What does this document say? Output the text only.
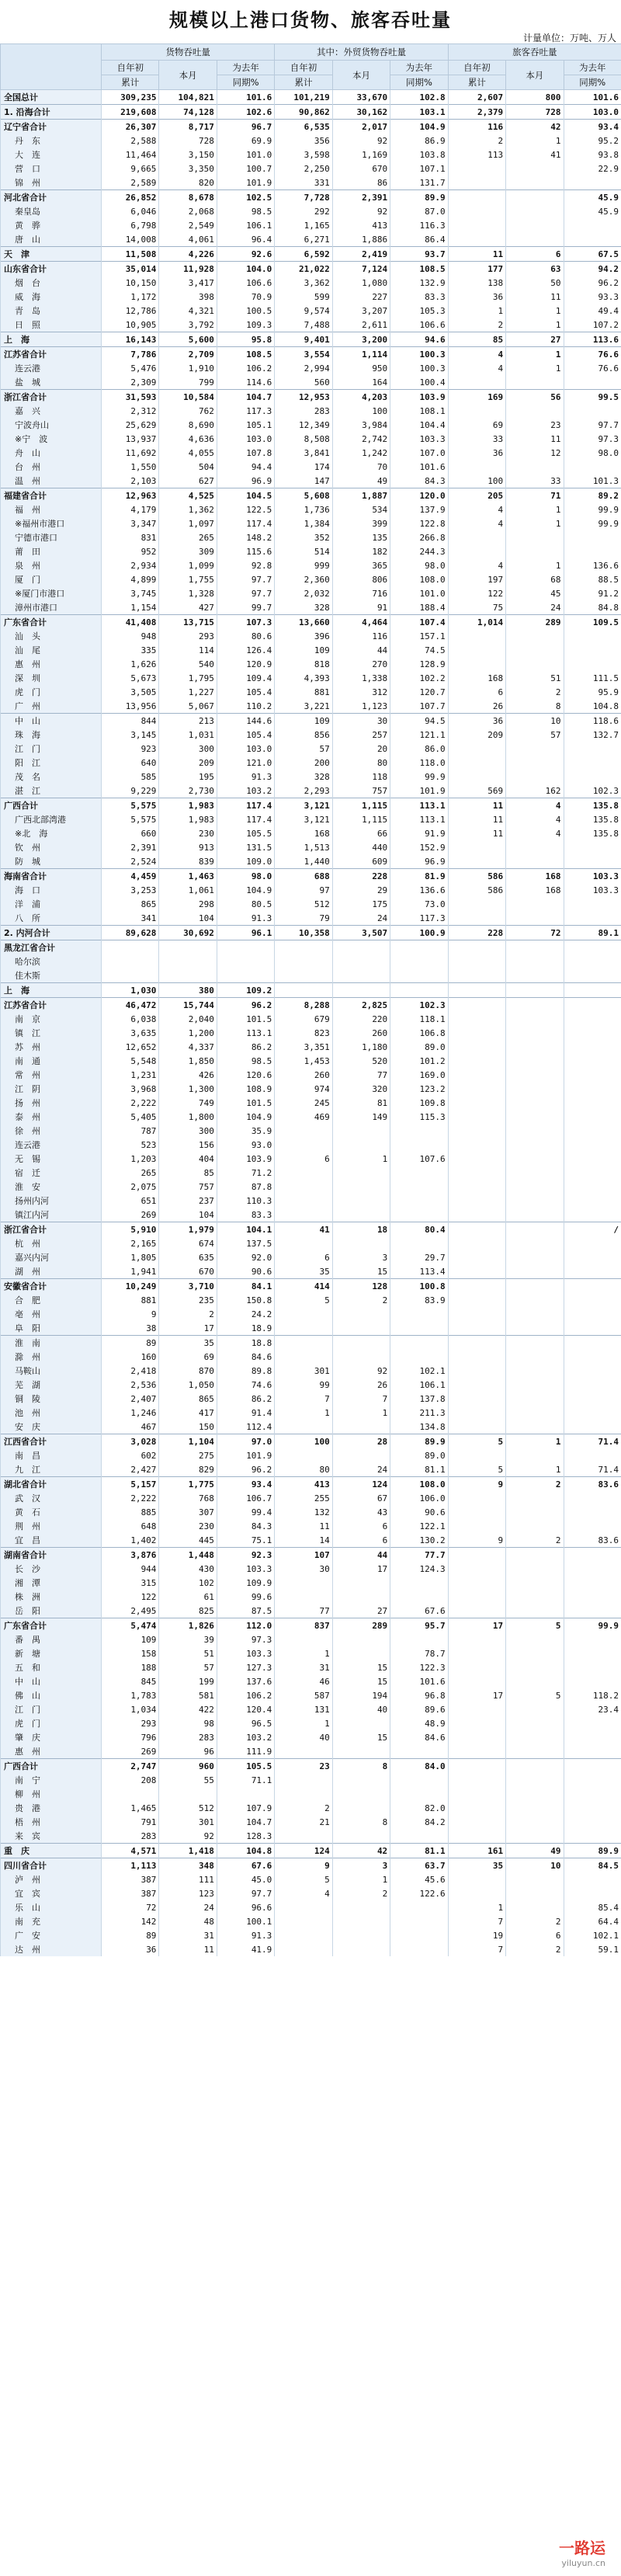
规模以上港口货物、旅客吞吐量
计量单位：万吨、万人
	货物吞吐量			其中：外贸货物吞吐量			旅客吞吐量		
	自年初	本月	为去年	自年初	本月	为去年	自年初	本月	为去年
	累计		同期%	累计		同期%	累计		同期%
全国总计	309,235	104,821	101.6	101,219	33,670	102.8	2,607	800	101.6
1. 沿海合计	219,608	74,128	102.6	90,862	30,162	103.1	2,379	728	103.0
辽宁省合计	26,307	8,717	96.7	6,535	2,017	104.9	116	42	93.4
丹　东	2,588	728	69.9	356	92	86.9	2	1	95.2
大　连	11,464	3,150	101.0	3,598	1,169	103.8	113	41	93.8
营　口	9,665	3,350	100.7	2,250	670	107.1			22.9
锦　州	2,589	820	101.9	331	86	131.7			
河北省合计	26,852	8,678	102.5	7,728	2,391	89.9			45.9
秦皇岛	6,046	2,068	98.5	292	92	87.0			45.9
黄　骅	6,798	2,549	106.1	1,165	413	116.3			
唐　山	14,008	4,061	96.4	6,271	1,886	86.4			
天　津	11,508	4,226	92.6	6,592	2,419	93.7	11	6	67.5
山东省合计	35,014	11,928	104.0	21,022	7,124	108.5	177	63	94.2
烟　台	10,150	3,417	106.6	3,362	1,080	132.9	138	50	96.2
威　海	1,172	398	70.9	599	227	83.3	36	11	93.3
青　岛	12,786	4,321	100.5	9,574	3,207	105.3	1	1	49.4
日　照	10,905	3,792	109.3	7,488	2,611	106.6	2	1	107.2
上　海	16,143	5,600	95.8	9,401	3,200	94.6	85	27	113.6
江苏省合计	7,786	2,709	108.5	3,554	1,114	100.3	4	1	76.6
连云港	5,476	1,910	106.2	2,994	950	100.3	4	1	76.6
盐　城	2,309	799	114.6	560	164	100.4			
浙江省合计	31,593	10,584	104.7	12,953	4,203	103.9	169	56	99.5
嘉　兴	2,312	762	117.3	283	100	108.1			
宁波舟山	25,629	8,690	105.1	12,349	3,984	104.4	69	23	97.7
※宁　波	13,937	4,636	103.0	8,508	2,742	103.3	33	11	97.3
舟　山	11,692	4,055	107.8	3,841	1,242	107.0	36	12	98.0
台　州	1,550	504	94.4	174	70	101.6			
温　州	2,103	627	96.9	147	49	84.3	100	33	101.3
福建省合计	12,963	4,525	104.5	5,608	1,887	120.0	205	71	89.2
福　州	4,179	1,362	122.5	1,736	534	137.9	4	1	99.9
※福州市港口	3,347	1,097	117.4	1,384	399	122.8	4	1	99.9
宁德市港口	831	265	148.2	352	135	266.8			
莆　田	952	309	115.6	514	182	244.3			
泉　州	2,934	1,099	92.8	999	365	98.0	4	1	136.6
厦　门	4,899	1,755	97.7	2,360	806	108.0	197	68	88.5
※厦门市港口	3,745	1,328	97.7	2,032	716	101.0	122	45	91.2
漳州市港口	1,154	427	99.7	328	91	188.4	75	24	84.8
广东省合计	41,408	13,715	107.3	13,660	4,464	107.4	1,014	289	109.5
汕　头	948	293	80.6	396	116	157.1			
汕　尾	335	114	126.4	109	44	74.5			
惠　州	1,626	540	120.9	818	270	128.9			
深　圳	5,673	1,795	109.4	4,393	1,338	102.2	168	51	111.5
虎　门	3,505	1,227	105.4	881	312	120.7	6	2	95.9
广　州	13,956	5,067	110.2	3,221	1,123	107.7	26	8	104.8
中　山	844	213	144.6	109	30	94.5	36	10	118.6
珠　海	3,145	1,031	105.4	856	257	121.1	209	57	132.7
江　门	923	300	103.0	57	20	86.0			
阳　江	640	209	121.0	200	80	118.0			
茂　名	585	195	91.3	328	118	99.9			
湛　江	9,229	2,730	103.2	2,293	757	101.9	569	162	102.3
广西合计	5,575	1,983	117.4	3,121	1,115	113.1	11	4	135.8
广西北部湾港	5,575	1,983	117.4	3,121	1,115	113.1	11	4	135.8
※北　海	660	230	105.5	168	66	91.9	11	4	135.8
钦　州	2,391	913	131.5	1,513	440	152.9			
防　城	2,524	839	109.0	1,440	609	96.9			
海南省合计	4,459	1,463	98.0	688	228	81.9	586	168	103.3
海　口	3,253	1,061	104.9	97	29	136.6	586	168	103.3
洋　浦	865	298	80.5	512	175	73.0			
八　所	341	104	91.3	79	24	117.3			
2. 内河合计	89,628	30,692	96.1	10,358	3,507	100.9	228	72	89.1
黑龙江省合计									
哈尔滨									
佳木斯									
上　海	1,030	380	109.2						
江苏省合计	46,472	15,744	96.2	8,288	2,825	102.3			
南　京	6,038	2,040	101.5	679	220	118.1			
镇　江	3,635	1,200	113.1	823	260	106.8			
苏　州	12,652	4,337	86.2	3,351	1,180	89.0			
南　通	5,548	1,850	98.5	1,453	520	101.2			
常　州	1,231	426	120.6	260	77	169.0			
江　阴	3,968	1,300	108.9	974	320	123.2			
扬　州	2,222	749	101.5	245	81	109.8			
泰　州	5,405	1,800	104.9	469	149	115.3			
徐　州	787	300	35.9						
连云港	523	156	93.0						
无　锡	1,203	404	103.9	6	1	107.6			
宿　迁	265	85	71.2						
淮　安	2,075	757	87.8						
扬州内河	651	237	110.3						
镇江内河	269	104	83.3						
浙江省合计	5,910	1,979	104.1	41	18	80.4			/
杭　州	2,165	674	137.5						
嘉兴内河	1,805	635	92.0	6	3	29.7			
湖　州	1,941	670	90.6	35	15	113.4			
安徽省合计	10,249	3,710	84.1	414	128	100.8			
合　肥	881	235	150.8	5	2	83.9			
亳　州	9	2	24.2						
阜　阳	38	17	18.9						
淮　南	89	35	18.8						
滁　州	160	69	84.6						
马鞍山	2,418	870	89.8	301	92	102.1			
芜　湖	2,536	1,050	74.6	99	26	106.1			
铜　陵	2,407	865	86.2	7	7	137.8			
池　州	1,246	417	91.4	1	1	211.3			
安　庆	467	150	112.4			134.8			
江西省合计	3,028	1,104	97.0	100	28	89.9	5	1	71.4
南　昌	602	275	101.9			89.0			
九　江	2,427	829	96.2	80	24	81.1	5	1	71.4
湖北省合计	5,157	1,775	93.4	413	124	108.0	9	2	83.6
武　汉	2,222	768	106.7	255	67	106.0			
黄　石	885	307	99.4	132	43	90.6			
荆　州	648	230	84.3	11	6	122.1			
宜　昌	1,402	445	75.1	14	6	130.2	9	2	83.6
湖南省合计	3,876	1,448	92.3	107	44	77.7			
长　沙	944	430	103.3	30	17	124.3			
湘　潭	315	102	109.9						
株　洲	122	61	99.6						
岳　阳	2,495	825	87.5	77	27	67.6			
广东省合计	5,474	1,826	112.0	837	289	95.7	17	5	99.9
番　禺	109	39	97.3						
新　塘	158	51	103.3	1		78.7			
五　和	188	57	127.3	31	15	122.3			
中　山	845	199	137.6	46	15	101.6			
佛　山	1,783	581	106.2	587	194	96.8	17	5	118.2
江　门	1,034	422	120.4	131	40	89.6			23.4
虎　门	293	98	96.5	1		48.9			
肇　庆	796	283	103.2	40	15	84.6			
惠　州	269	96	111.9						
广西合计	2,747	960	105.5	23	8	84.0			
南　宁	208	55	71.1						
柳　州									
贵　港	1,465	512	107.9	2		82.0			
梧　州	791	301	104.7	21	8	84.2			
来　宾	283	92	128.3						
重　庆	4,571	1,418	104.8	124	42	81.1	161	49	89.9
四川省合计	1,113	348	67.6	9	3	63.7	35	10	84.5
泸　州	387	111	45.0	5	1	45.6			
宜　宾	387	123	97.7	4	2	122.6			
乐　山	72	24	96.6				1		85.4
南　充	142	48	100.1				7	2	64.4
广　安	89	31	91.3				19	6	102.1
达　州	36	11	41.9				7	2	59.1
一路运
yiluyun.cn
